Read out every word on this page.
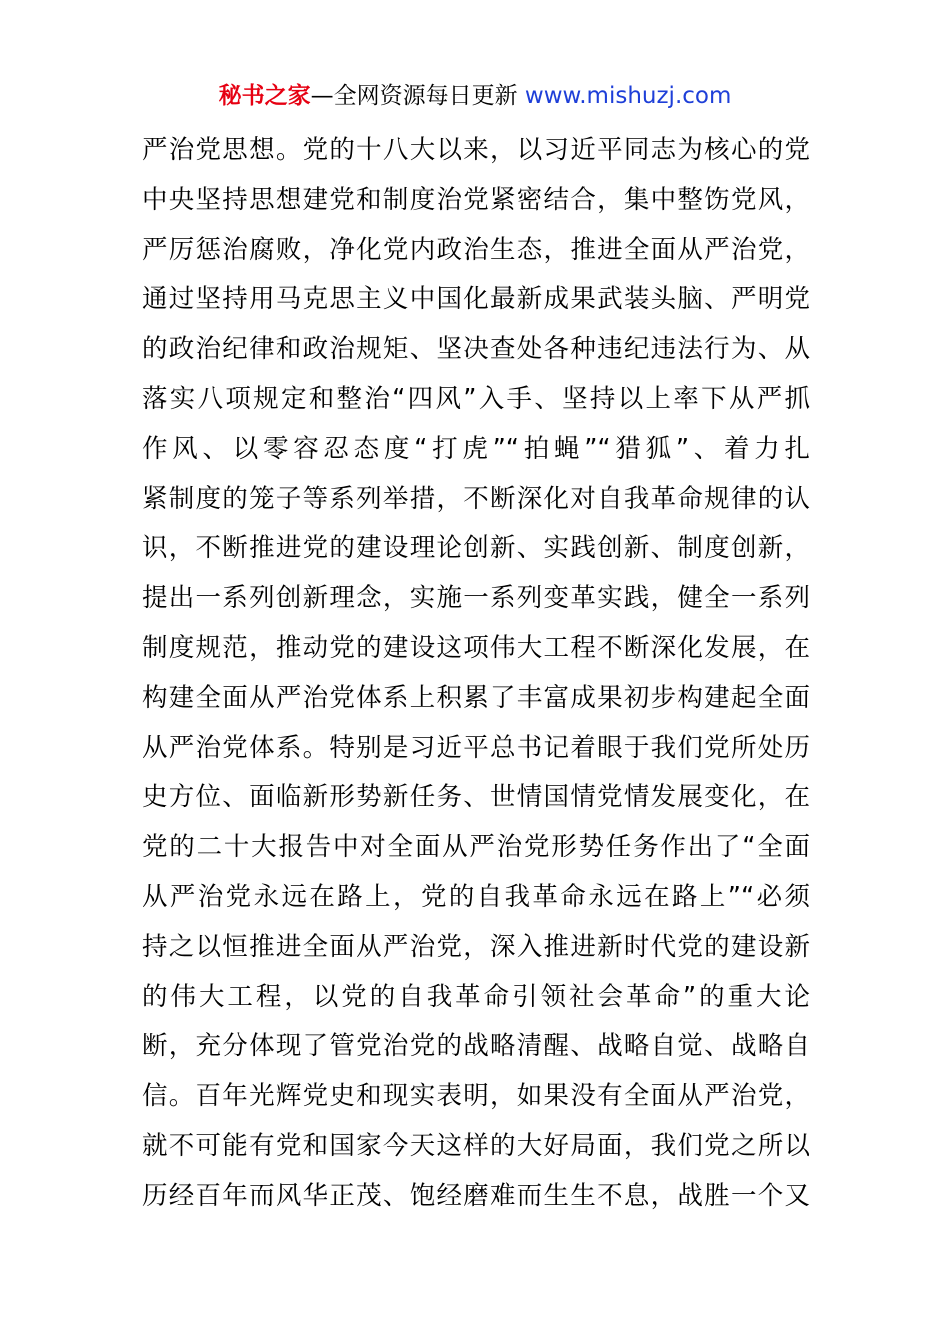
秘书之家—全网资源每日更新 www.mishuzj.com
严治党思想。党的十八大以来，以习近平同志为核心的党
中央坚持思想建党和制度治党紧密结合，集中整饬党风，
严厉惩治腐败，净化党内政治生态，推进全面从严治党，
通过坚持用马克思主义中国化最新成果武装头脑、严明党
的政治纪律和政治规矩、坚决查处各种违纪违法行为、从
落实八项规定和整治“四风”入手、坚持以上率下从严抓
作风、以零容忍态度“打虎”“拍蝇”“猎狐”、着力扎
紧制度的笼子等系列举措，不断深化对自我革命规律的认
识，不断推进党的建设理论创新、实践创新、制度创新，
提出一系列创新理念，实施一系列变革实践，健全一系列
制度规范，推动党的建设这项伟大工程不断深化发展，在
构建全面从严治党体系上积累了丰富成果初步构建起全面
从严治党体系。特别是习近平总书记着眼于我们党所处历
史方位、面临新形势新任务、世情国情党情发展变化，在
党的二十大报告中对全面从严治党形势任务作出了“全面
从严治党永远在路上，党的自我革命永远在路上”“必须
持之以恒推进全面从严治党，深入推进新时代党的建设新
的伟大工程，以党的自我革命引领社会革命”的重大论
断，充分体现了管党治党的战略清醒、战略自觉、战略自
信。百年光辉党史和现实表明，如果没有全面从严治党，
就不可能有党和国家今天这样的大好局面，我们党之所以
历经百年而风华正茂、饱经磨难而生生不息，战胜一个又
